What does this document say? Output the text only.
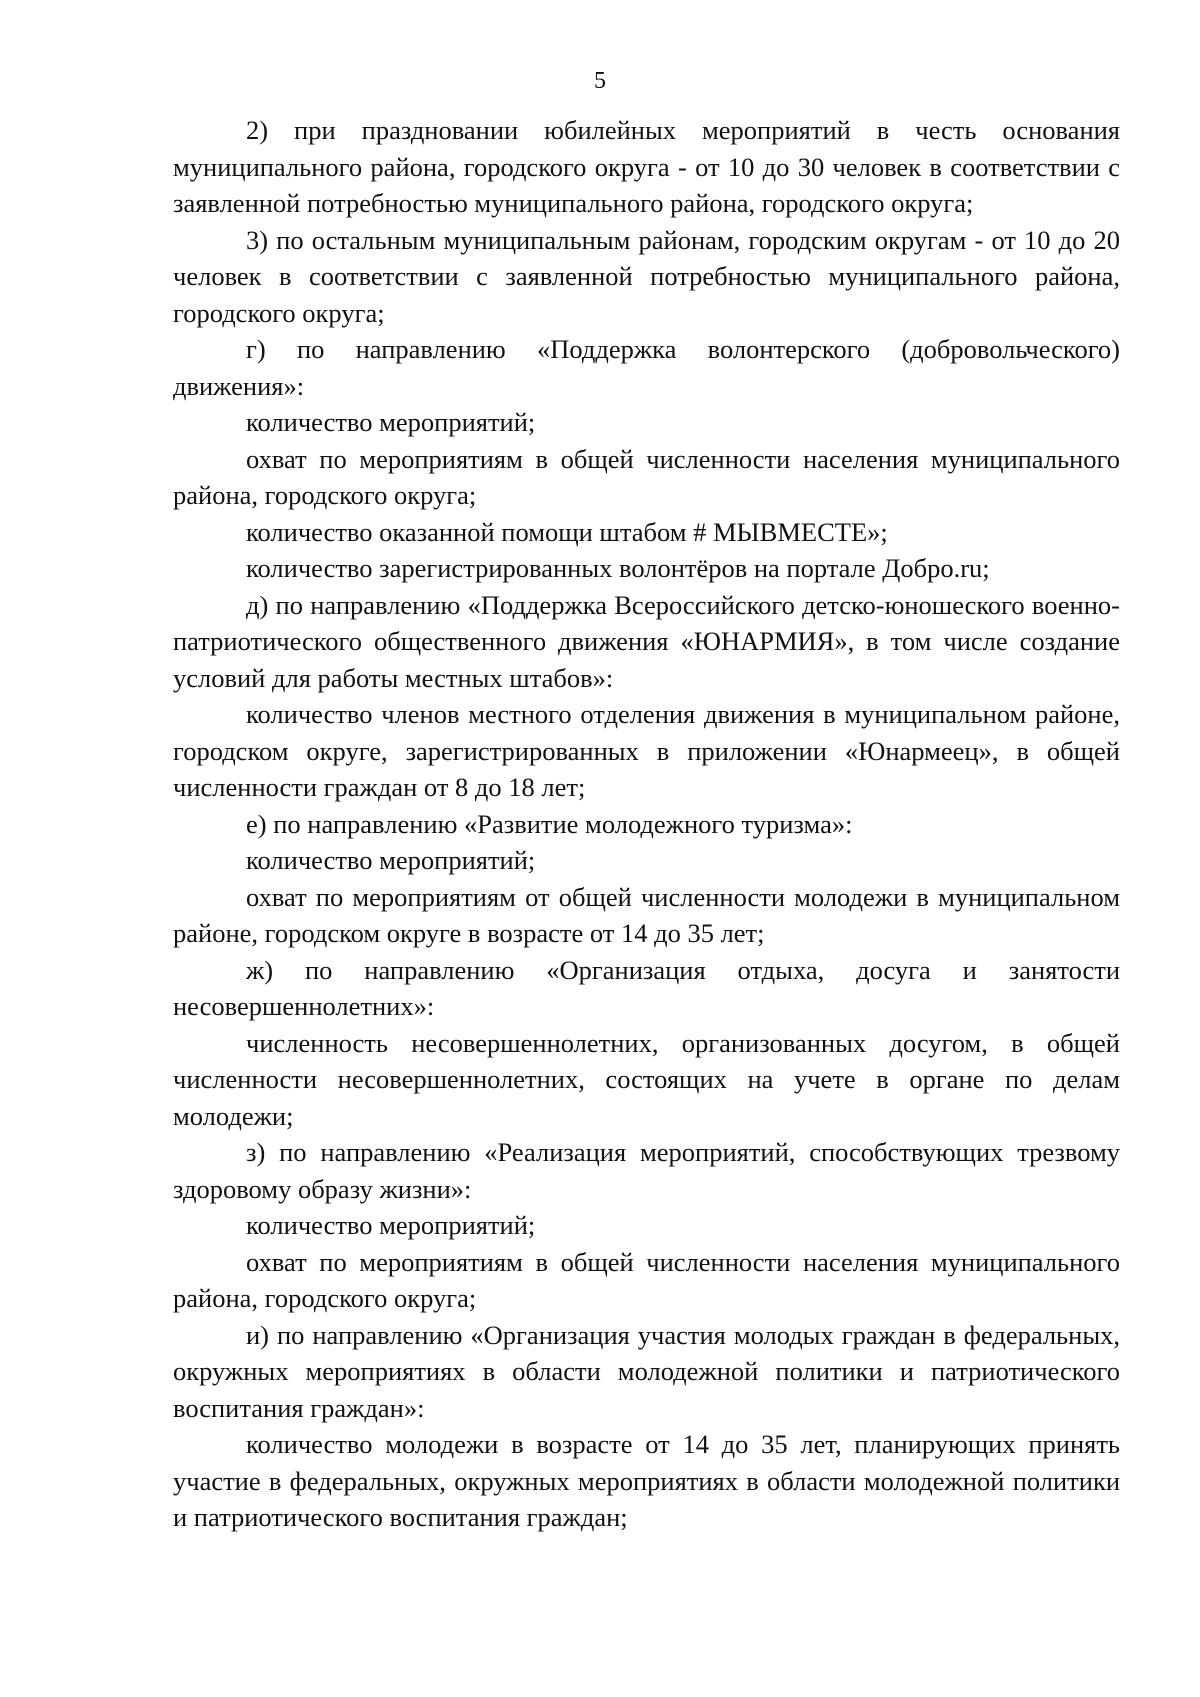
5

2) при праздновании юбилейных мероприятий в честь основания муниципального района, городского округа - от 10 до 30 человек в соответствии с заявленной потребностью муниципального района, городского округа;

3) по остальным муниципальным районам, городским округам - от 10 до 20 человек в соответствии с заявленной потребностью муниципального района, городского округа;

г) по направлению «Поддержка волонтерского (добровольческого) движения»:

количество мероприятий;

охват по мероприятиям в общей численности населения муниципального района, городского округа;

количество оказанной помощи штабом # МЫВМЕСТЕ»;

количество зарегистрированных волонтёров на портале Добро.ru;

д) по направлению «Поддержка Всероссийского детско-юношеского военно-патриотического общественного движения «ЮНАРМИЯ», в том числе создание условий для работы местных штабов»:

количество членов местного отделения движения в муниципальном районе, городском округе, зарегистрированных в приложении «Юнармеец», в общей численности граждан от 8 до 18 лет;

е) по направлению «Развитие молодежного туризма»:

количество мероприятий;

охват по мероприятиям от общей численности молодежи в муниципальном районе, городском округе в возрасте от 14 до 35 лет;

ж) по направлению «Организация отдыха, досуга и занятости несовершеннолетних»:

численность несовершеннолетних, организованных досугом, в общей численности несовершеннолетних, состоящих на учете в органе по делам молодежи;

з) по направлению «Реализация мероприятий, способствующих трезвому здоровому образу жизни»:

количество мероприятий;

охват по мероприятиям в общей численности населения муниципального района, городского округа;

и) по направлению «Организация участия молодых граждан в федеральных, окружных мероприятиях в области молодежной политики и патриотического воспитания граждан»:

количество молодежи в возрасте от 14 до 35 лет, планирующих принять участие в федеральных, окружных мероприятиях в области молодежной политики и патриотического воспитания граждан;
